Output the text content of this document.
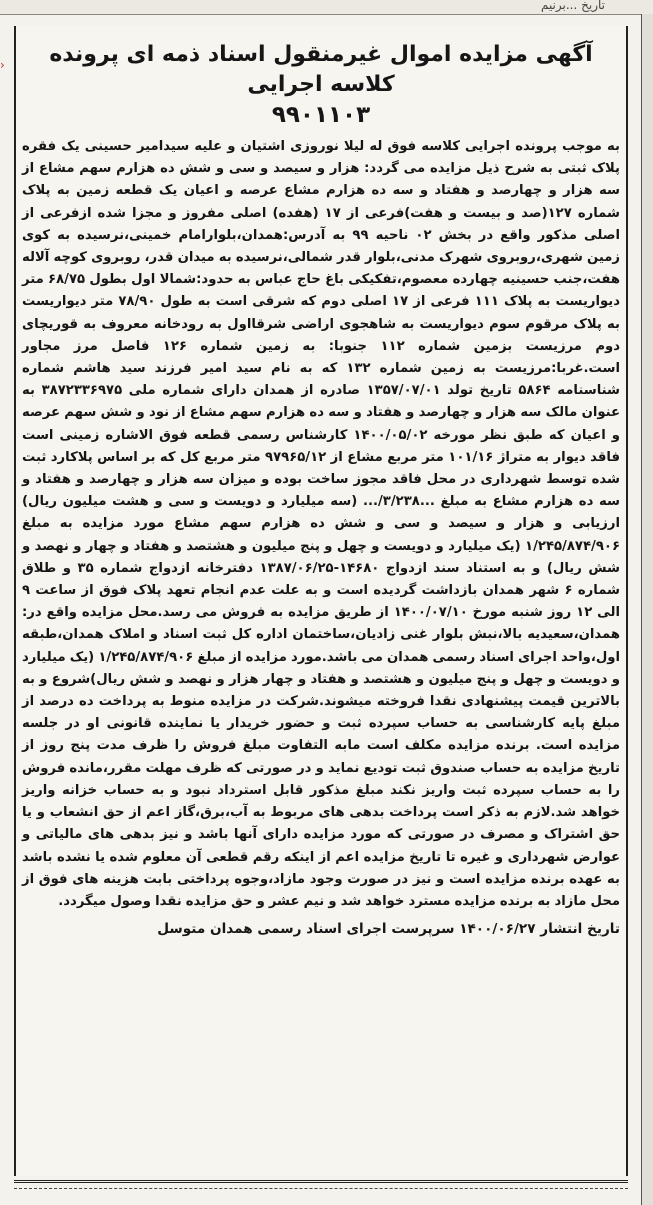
تاریخ ...برنیم
›	آگهی مزایده اموال غیرمنقول اسناد ذمه ای پرونده کلاسه اجرایی
۹۹۰۱۱۰۳

به موجب پرونده اجرایی کلاسه فوق له لیلا نوروزی اشتیان و علیه سیدامیر حسینی یک فقره پلاک ثبتی به شرح ذیل مزایده می گردد: هزار و سیصد و سی و شش ده هزارم سهم مشاع از سه هزار و چهارصد و هفتاد و سه ده هزارم مشاع عرصه و اعیان یک قطعه زمین به پلاک شماره ۱۲۷(صد و بیست و هفت)فرعی از ۱۷ (هفده) اصلی مفروز و مجزا شده ازفرعی از اصلی مذکور واقع در بخش ۰۲ ناحیه ۹۹ به آدرس:همدان،بلوارامام خمینی،نرسیده به کوی زمین شهری،روبروی شهرک مدنی،بلوار قدر شمالی،نرسیده به میدان قدر، روبروی کوچه آلاله هفت،جنب حسینیه چهارده معصوم،تفکیکی باغ حاج عباس به حدود:شمالا اول بطول ۶۸/۷۵ متر دیواریست به پلاک ۱۱۱ فرعی از ۱۷ اصلی دوم که شرقی است به طول ۷۸/۹۰ متر دیواریست به پلاک مرقوم سوم دیواریست به شاهجوی اراضی شرقااول به رودخانه معروف به قوریچای دوم مرزیست بزمین شماره ۱۱۲ جنوبا: به زمین شماره ۱۲۶ فاصل مرز مجاور است.غربا:مرزیست به زمین شماره ۱۳۲ که به نام سید امیر فرزند سید هاشم شماره شناسنامه ۵۸۶۴ تاریخ تولد ۱۳۵۷/۰۷/۰۱ صادره از همدان دارای شماره ملی ۳۸۷۲۳۳۶۹۷۵ به عنوان مالک سه هزار و چهارصد و هفتاد و سه ده هزارم سهم مشاع از نود و شش سهم عرصه و اعیان که طبق نظر مورخه ۱۴۰۰/۰۵/۰۲ کارشناس رسمی قطعه فوق الاشاره زمینی است فاقد دیوار به متراژ ۱۰۱/۱۶ متر مربع مشاع از ۹۷۹۶۵/۱۲ متر مربع کل که بر اساس پلاکارد ثبت شده توسط شهرداری در محل فاقد مجوز ساخت بوده و میزان سه هزار و چهارصد و هفتاد و سه ده هزارم مشاع به مبلغ ...۳/۲۳۸/... (سه میلیارد و دویست و سی و هشت میلیون ریال) ارزیابی و هزار و سیصد و سی و شش ده هزارم سهم مشاع مورد مزایده به مبلغ ۱/۲۴۵/۸۷۴/۹۰۶ (یک میلیارد و دویست و چهل و پنج میلیون و هشتصد و هفتاد و چهار و نهصد و شش ریال) و به استناد سند ازدواج ۱۴۶۸۰-۱۳۸۷/۰۶/۲۵ دفترخانه ازدواج شماره ۳۵ و طلاق شماره ۶ شهر همدان بازداشت گردیده است و به علت عدم انجام تعهد پلاک فوق از ساعت ۹ الی ۱۲ روز شنبه مورخ ۱۴۰۰/۰۷/۱۰ از طریق مزایده به فروش می رسد.محل مزایده واقع در: همدان،سعیدیه بالا،نبش بلوار غنی زادیان،ساختمان اداره کل ثبت اسناد و املاک همدان،طبقه اول،واحد اجرای اسناد رسمی همدان می باشد.مورد مزایده از مبلغ ۱/۲۴۵/۸۷۴/۹۰۶ (یک میلیارد و دویست و چهل و پنج میلیون و هشتصد و هفتاد و چهار هزار و نهصد و شش ریال)شروع و به بالاترین قیمت پیشنهادی نقدا فروخته میشوند.شرکت در مزایده منوط به پرداخت ده درصد از مبلغ پایه کارشناسی به حساب سپرده ثبت و حضور خریدار یا نماینده قانونی او در جلسه مزایده است. برنده مزایده مکلف است مابه التفاوت مبلغ فروش را ظرف مدت پنج روز از تاریخ مزایده به حساب صندوق ثبت تودیع نماید و در صورتی که ظرف مهلت مقرر،مانده فروش را به حساب سپرده ثبت واریز نکند مبلغ مذکور قابل استرداد نبود و به حساب خزانه واریز خواهد شد.لازم به ذکر است پرداخت بدهی های مربوط به آب،برق،گاز اعم از حق انشعاب و یا حق اشتراک و مصرف در صورتی که مورد مزایده دارای آنها باشد و نیز بدهی های مالیاتی و عوارض شهرداری و غیره تا تاریخ مزایده اعم از اینکه رقم قطعی آن معلوم شده یا نشده باشد به عهده برنده مزایده است و نیز در صورت وجود مازاد،وجوه پرداختی بابت هزینه های فوق از محل مازاد به برنده مزایده مسترد خواهد شد و نیم عشر و حق مزایده نقدا وصول میگردد.

تاریخ انتشار ۱۴۰۰/۰۶/۲۷ سرپرست اجرای اسناد رسمی همدان متوسل
